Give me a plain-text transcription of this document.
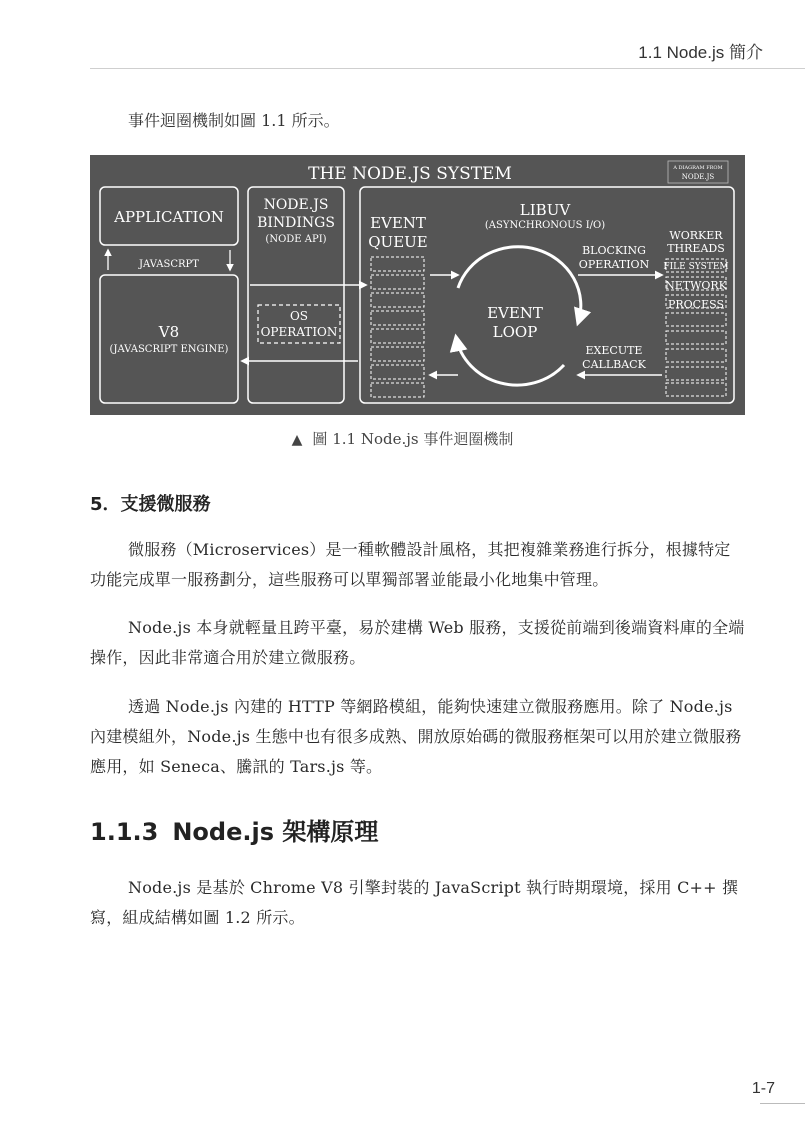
1.1 Node.js 簡介
事件迴圈機制如圖 1.1 所示。
THE NODE.JS SYSTEM	A DIAGRAM FROM
NODE.JS
APPLICATION
JAVASCRPT
V8
(JAVASCRIPT ENGINE)
NODE.JS
BINDINGS
(NODE API)
OS
OPERATION
EVENT
QUEUE
LIBUV
(ASYNCHRONOUS I/O)
WORKER
THREADS
FILE SYSTEM
NETWORK
PROCESS
EVENT
LOOP
BLOCKING
OPERATION
EXECUTE
CALLBACK
▲ 圖 1.1 Node.js 事件迴圈機制
5．支援微服務

微服務（Microservices）是一種軟體設計風格，其把複雜業務進行拆分，根據特定功能完成單一服務劃分，這些服務可以單獨部署並能最小化地集中管理。

Node.js 本身就輕量且跨平臺，易於建構 Web 服務，支援從前端到後端資料庫的全端操作，因此非常適合用於建立微服務。

透過 Node.js 內建的 HTTP 等網路模組，能夠快速建立微服務應用。除了 Node.js 內建模組外，Node.js 生態中也有很多成熟、開放原始碼的微服務框架可以用於建立微服務應用，如 Seneca、騰訊的 Tars.js 等。

1.1.3 Node.js 架構原理

Node.js 是基於 Chrome V8 引擎封裝的 JavaScript 執行時期環境，採用 C++ 撰寫，組成結構如圖 1.2 所示。

1-7
